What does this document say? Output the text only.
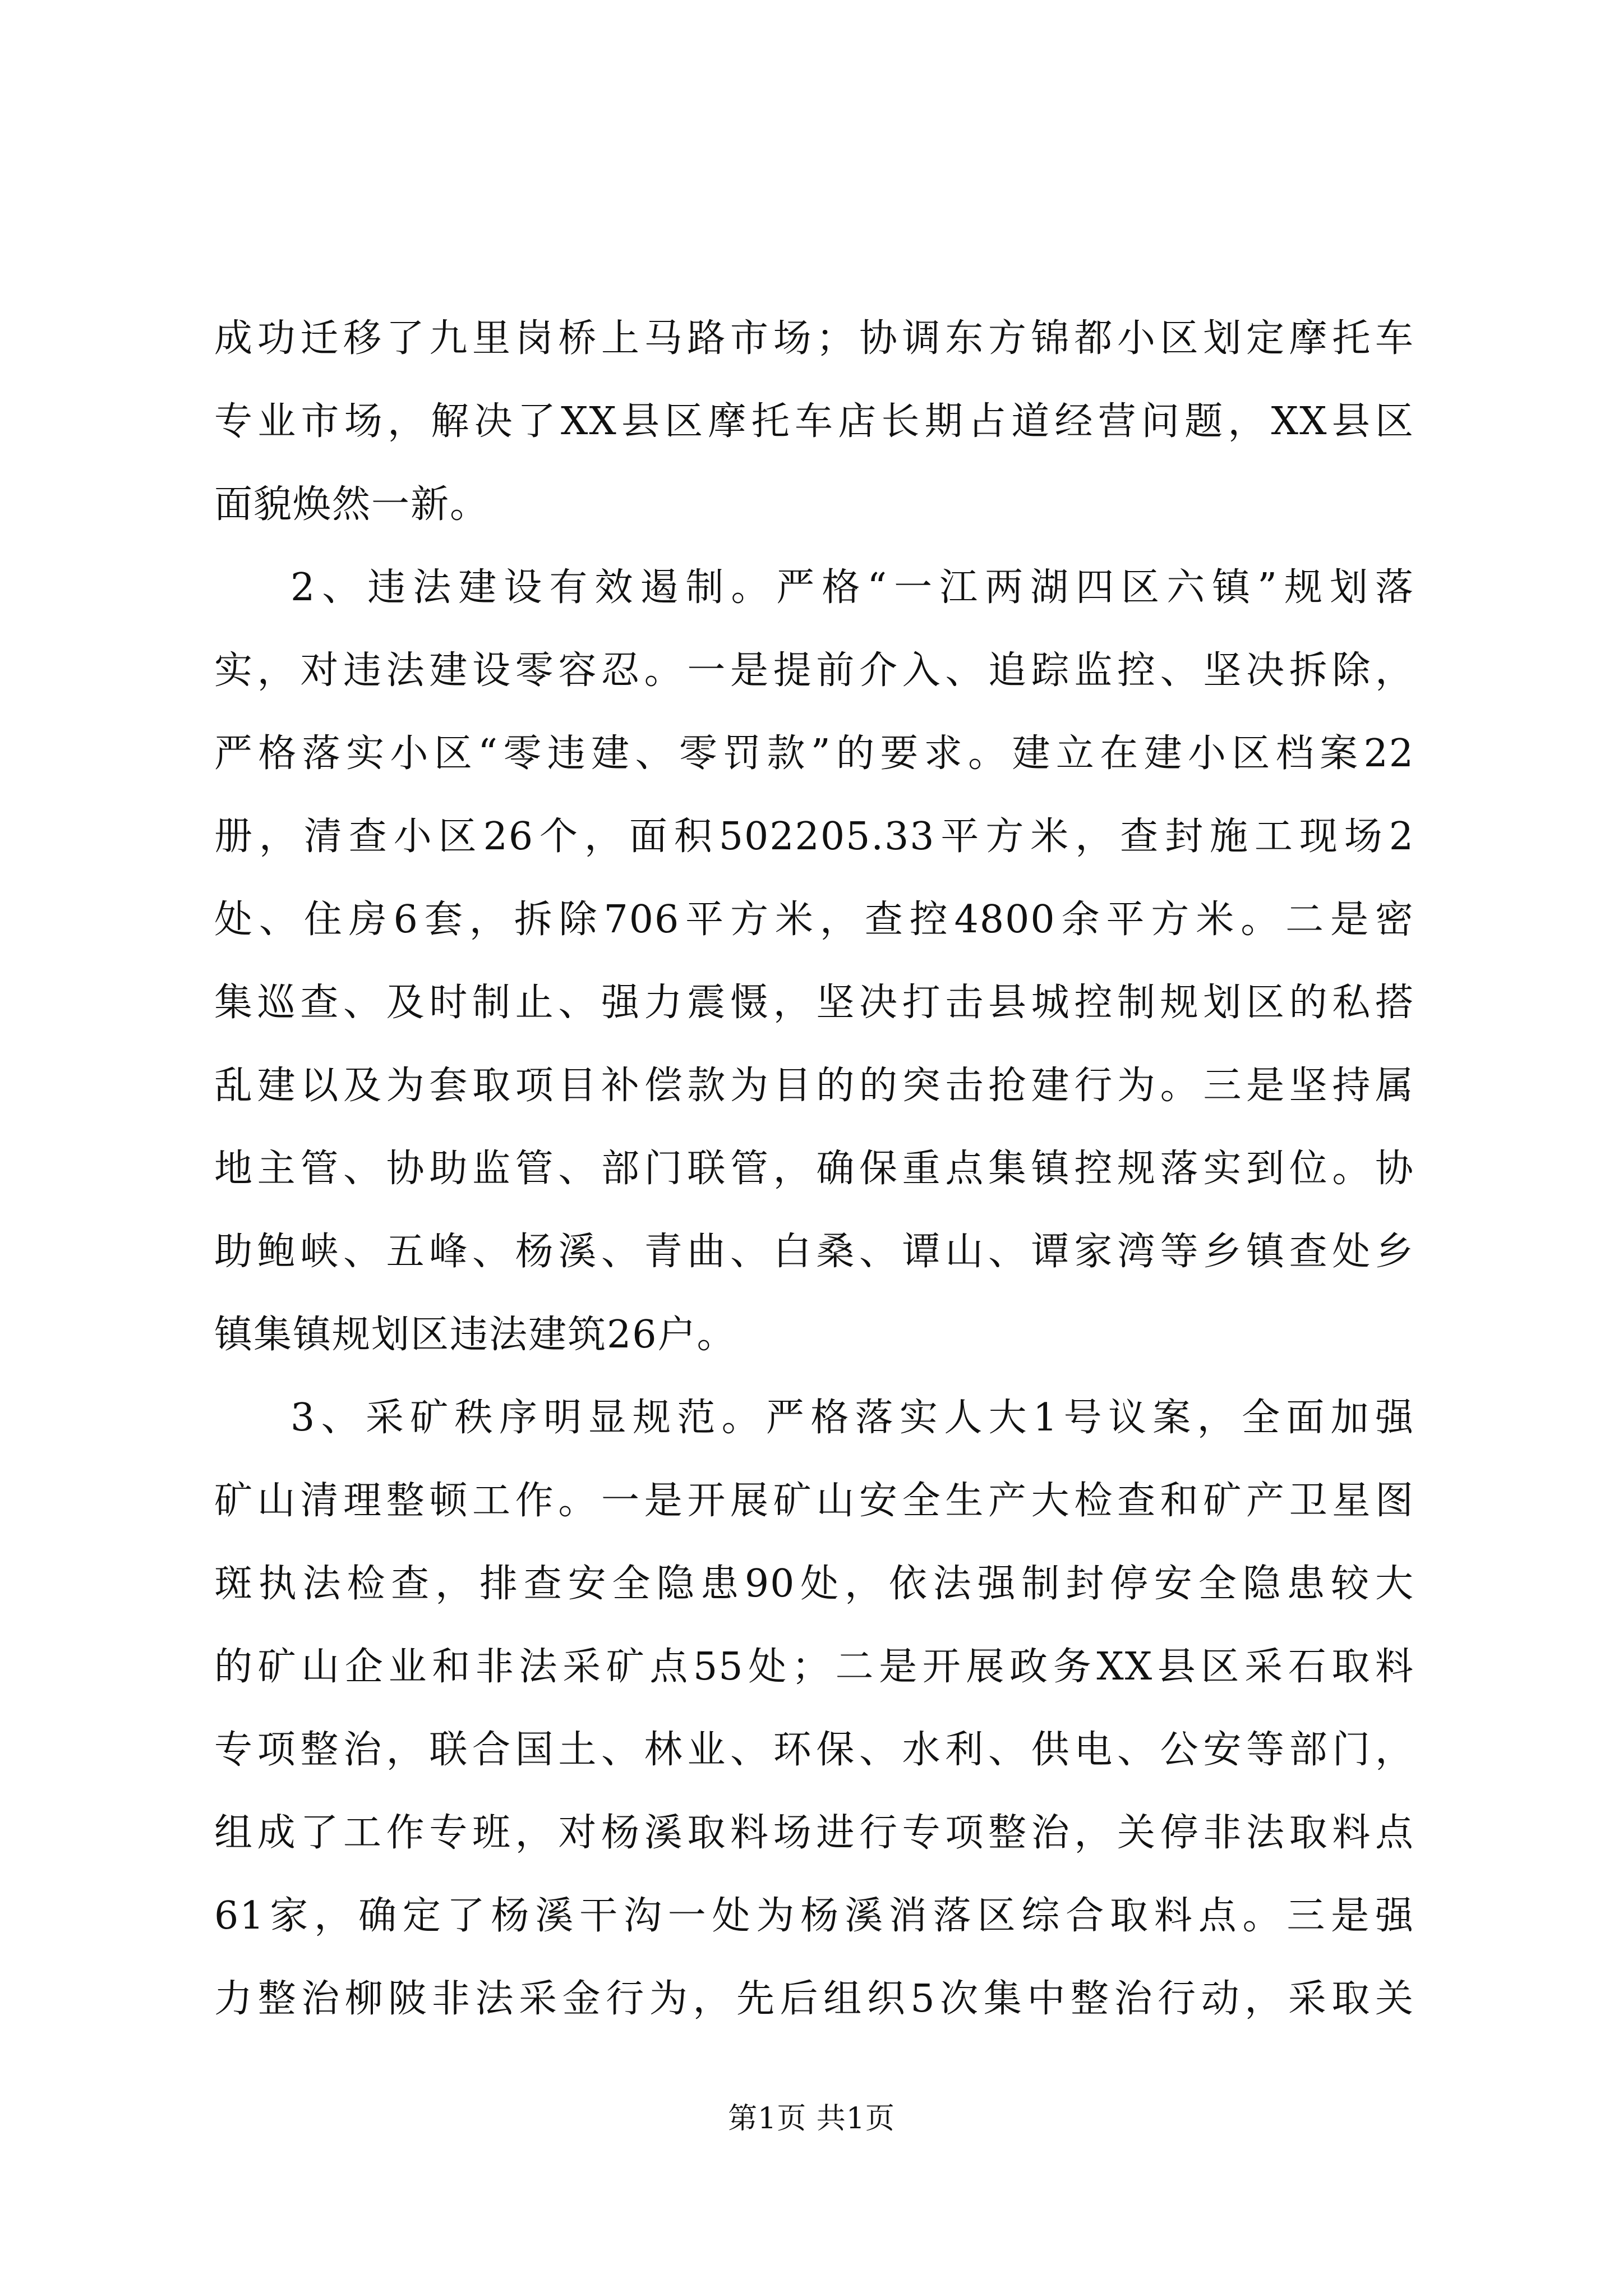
成功迁移了九里岗桥上马路市场；协调东方锦都小区划定摩托车
专业市场，解决了XX县区摩托车店长期占道经营问题，XX县区
面貌焕然一新。
2、违法建设有效遏制。严格“一江两湖四区六镇”规划落
实，对违法建设零容忍。一是提前介入、追踪监控、坚决拆除，
严格落实小区“零违建、零罚款”的要求。建立在建小区档案22
册，清查小区26个，面积502205.33平方米，查封施工现场2
处、住房6套，拆除706平方米，查控4800余平方米。二是密
集巡查、及时制止、强力震慑，坚决打击县城控制规划区的私搭
乱建以及为套取项目补偿款为目的的突击抢建行为。三是坚持属
地主管、协助监管、部门联管，确保重点集镇控规落实到位。协
助鲍峡、五峰、杨溪、青曲、白桑、谭山、谭家湾等乡镇查处乡
镇集镇规划区违法建筑26户。
3、采矿秩序明显规范。严格落实人大1号议案，全面加强
矿山清理整顿工作。一是开展矿山安全生产大检查和矿产卫星图
斑执法检查，排查安全隐患90处，依法强制封停安全隐患较大
的矿山企业和非法采矿点55处；二是开展政务XX县区采石取料
专项整治，联合国土、林业、环保、水利、供电、公安等部门，
组成了工作专班，对杨溪取料场进行专项整治，关停非法取料点
61家，确定了杨溪干沟一处为杨溪消落区综合取料点。三是强
力整治柳陂非法采金行为，先后组织5次集中整治行动，采取关
第1页 共1页
